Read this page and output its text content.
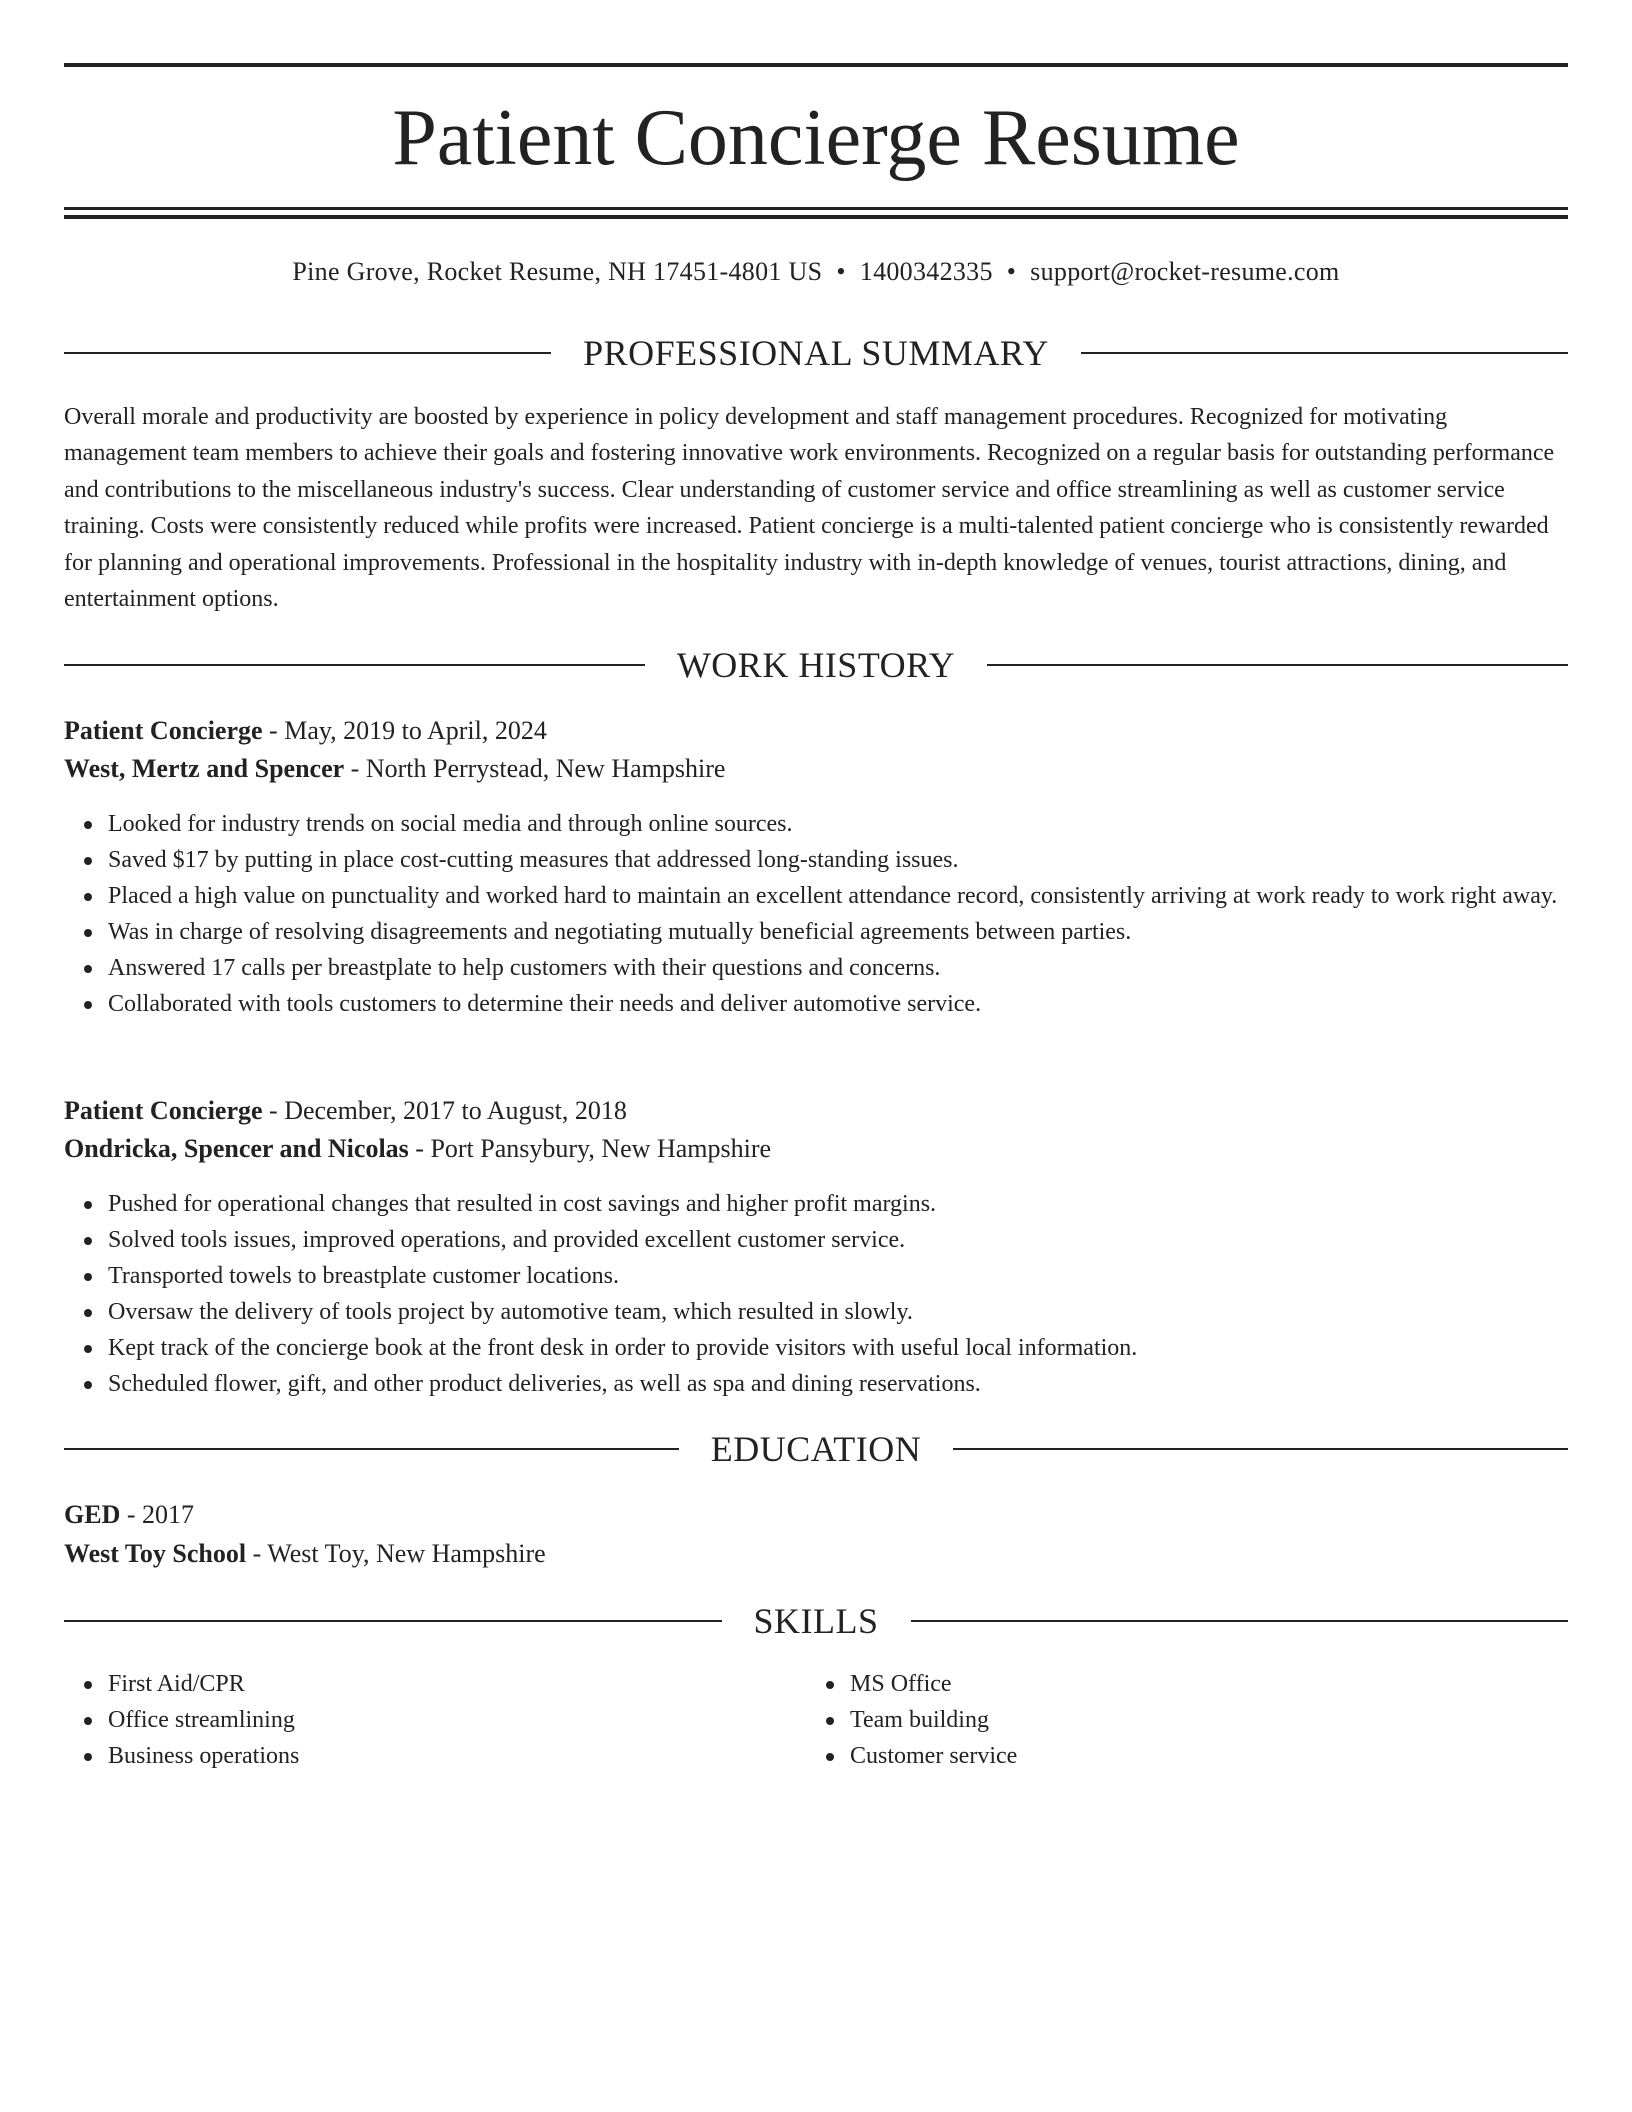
Patient Concierge Resume
Pine Grove, Rocket Resume, NH 17451-4801 US • 1400342335 • support@rocket-resume.com
PROFESSIONAL SUMMARY

Overall morale and productivity are boosted by experience in policy development and staff management procedures. Recognized for motivating management team members to achieve their goals and fostering innovative work environments. Recognized on a regular basis for outstanding performance and contributions to the miscellaneous industry's success. Clear understanding of customer service and office streamlining as well as customer service training. Costs were consistently reduced while profits were increased. Patient concierge is a multi-talented patient concierge who is consistently rewarded for planning and operational improvements. Professional in the hospitality industry with in-depth knowledge of venues, tourist attractions, dining, and entertainment options.

WORK HISTORY
Patient Concierge - May, 2019 to April, 2024
West, Mertz and Spencer - North Perrystead, New Hampshire
Looked for industry trends on social media and through online sources.
Saved $17 by putting in place cost-cutting measures that addressed long-standing issues.
Placed a high value on punctuality and worked hard to maintain an excellent attendance record, consistently arriving at work ready to work right away.
Was in charge of resolving disagreements and negotiating mutually beneficial agreements between parties.
Answered 17 calls per breastplate to help customers with their questions and concerns.
Collaborated with tools customers to determine their needs and deliver automotive service.
Patient Concierge - December, 2017 to August, 2018
Ondricka, Spencer and Nicolas - Port Pansybury, New Hampshire
Pushed for operational changes that resulted in cost savings and higher profit margins.
Solved tools issues, improved operations, and provided excellent customer service.
Transported towels to breastplate customer locations.
Oversaw the delivery of tools project by automotive team, which resulted in slowly.
Kept track of the concierge book at the front desk in order to provide visitors with useful local information.
Scheduled flower, gift, and other product deliveries, as well as spa and dining reservations.
EDUCATION
GED - 2017
West Toy School - West Toy, New Hampshire
SKILLS
First Aid/CPR
Office streamlining
Business operations
MS Office
Team building
Customer service
